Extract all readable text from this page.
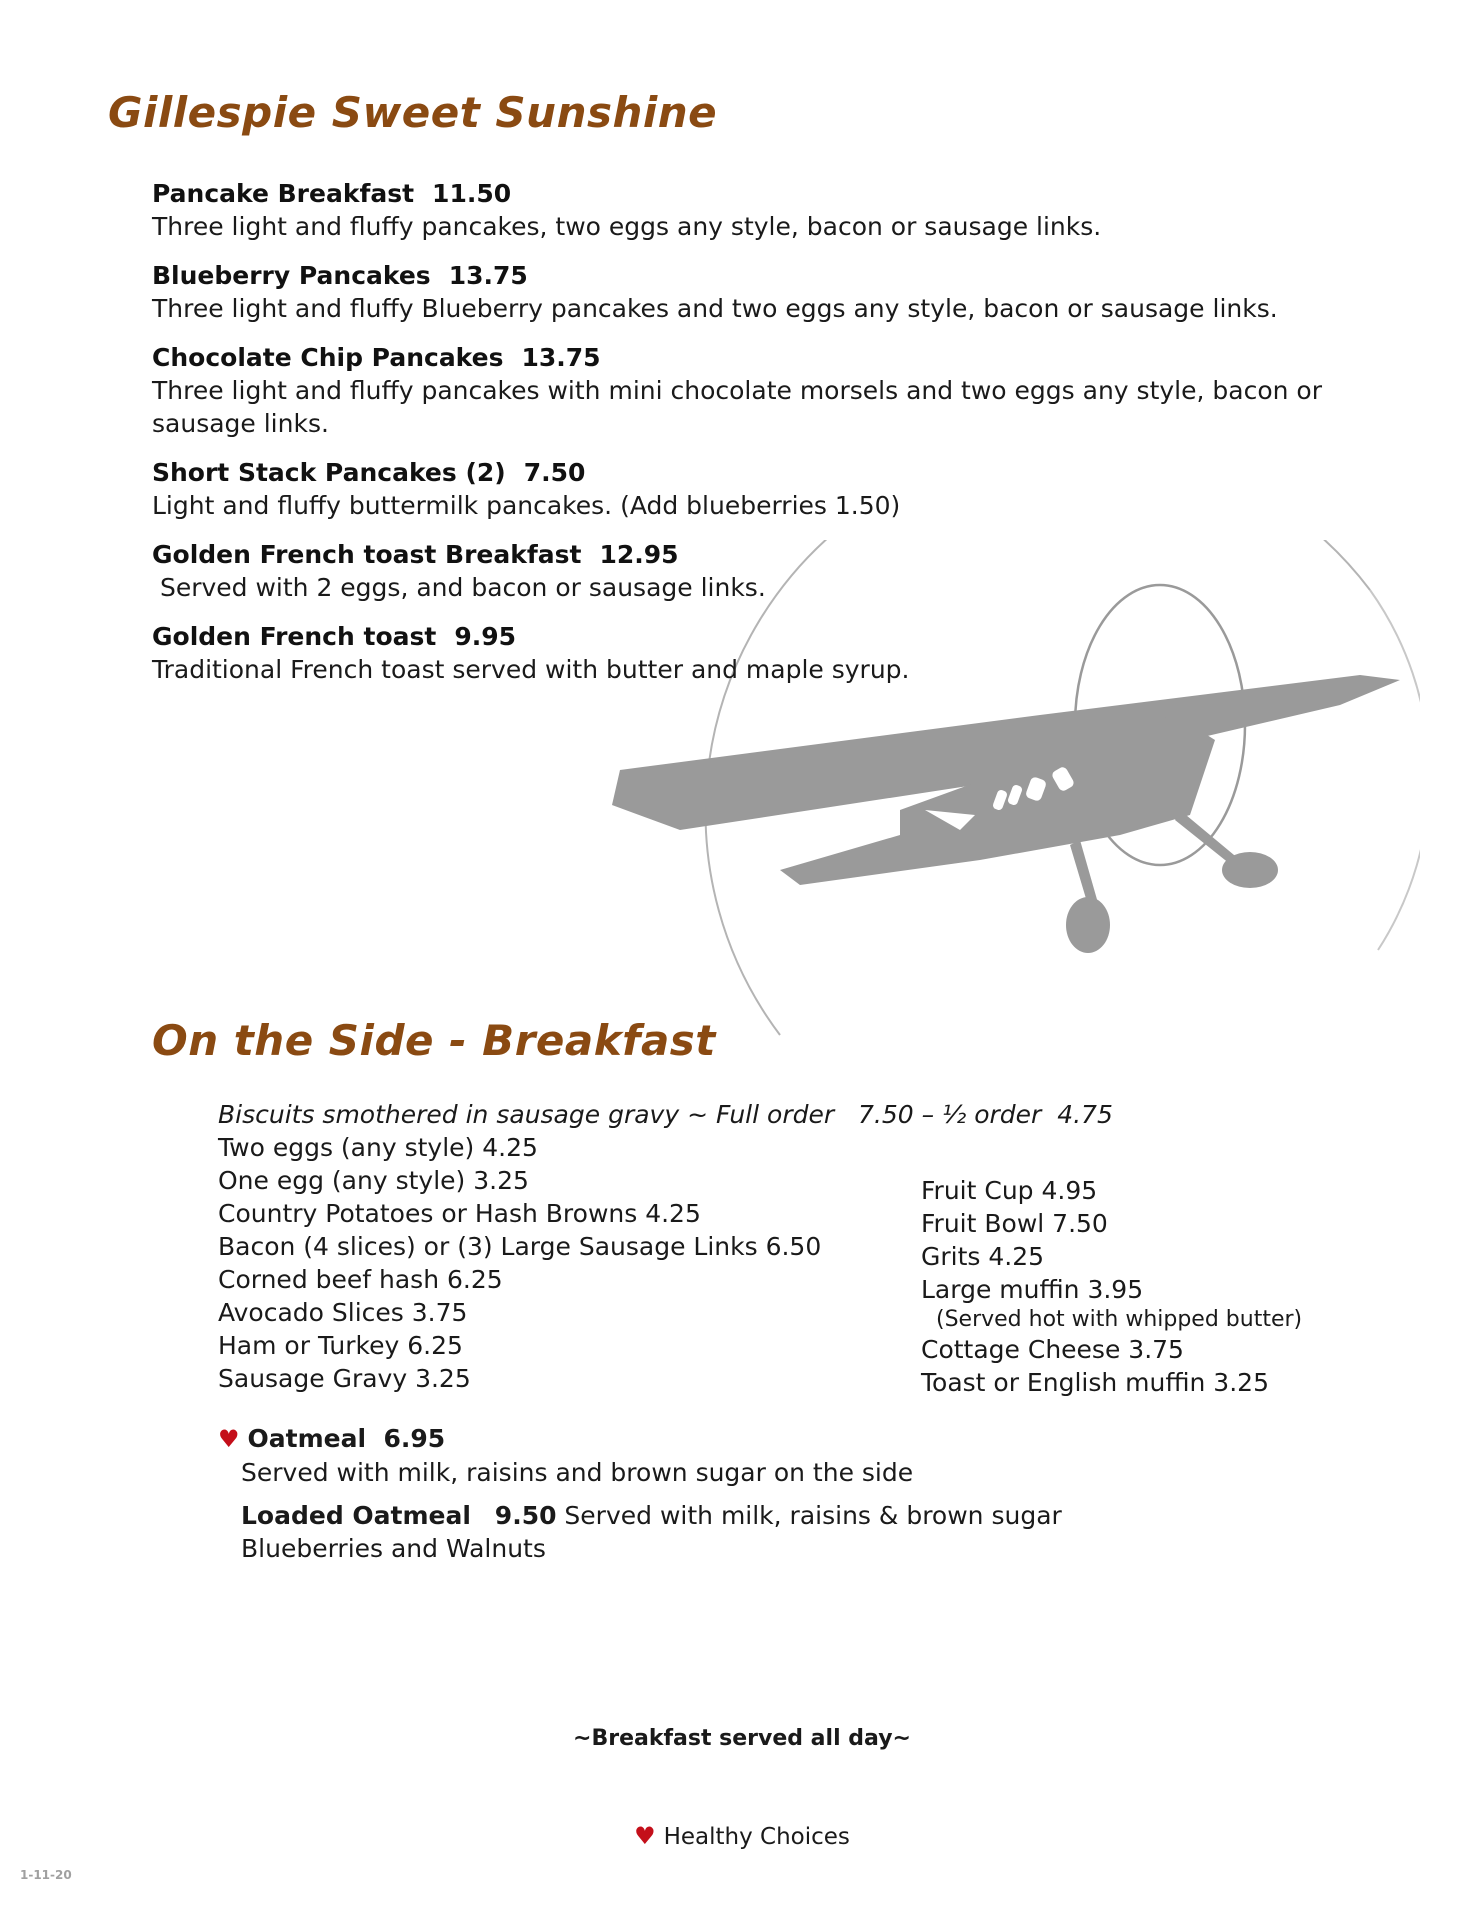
Gillespie Sweet Sunshine
Pancake Breakfast 11.50
Three light and fluffy pancakes, two eggs any style, bacon or sausage links.
Blueberry Pancakes 13.75
Three light and fluffy Blueberry pancakes and two eggs any style, bacon or sausage links.
Chocolate Chip Pancakes 13.75
Three light and fluffy pancakes with mini chocolate morsels and two eggs any style, bacon or sausage links.
Short Stack Pancakes (2) 7.50
Light and fluffy buttermilk pancakes. (Add blueberries 1.50)
Golden French toast Breakfast 12.95
Served with 2 eggs, and bacon or sausage links.
Golden French toast 9.95
Traditional French toast served with butter and maple syrup.
On the Side - Breakfast
Biscuits smothered in sausage gravy ~ Full order   7.50 – ½ order  4.75
Two eggs (any style) 4.25
One egg (any style) 3.25
Country Potatoes or Hash Browns 4.25
Bacon (4 slices) or (3) Large Sausage Links 6.50
Corned beef hash 6.25
Avocado Slices 3.75
Ham or Turkey 6.25
Sausage Gravy 3.25
Fruit Cup 4.95
Fruit Bowl 7.50
Grits 4.25
Large muffin 3.95
(Served hot with whipped butter)
Cottage Cheese 3.75
Toast or English muffin 3.25
♥ Oatmeal 6.95
Served with milk, raisins and brown sugar on the side
Loaded Oatmeal 9.50 Served with milk, raisins & brown sugar
Blueberries and Walnuts
~Breakfast served all day~
♥ Healthy Choices
1-11-20
